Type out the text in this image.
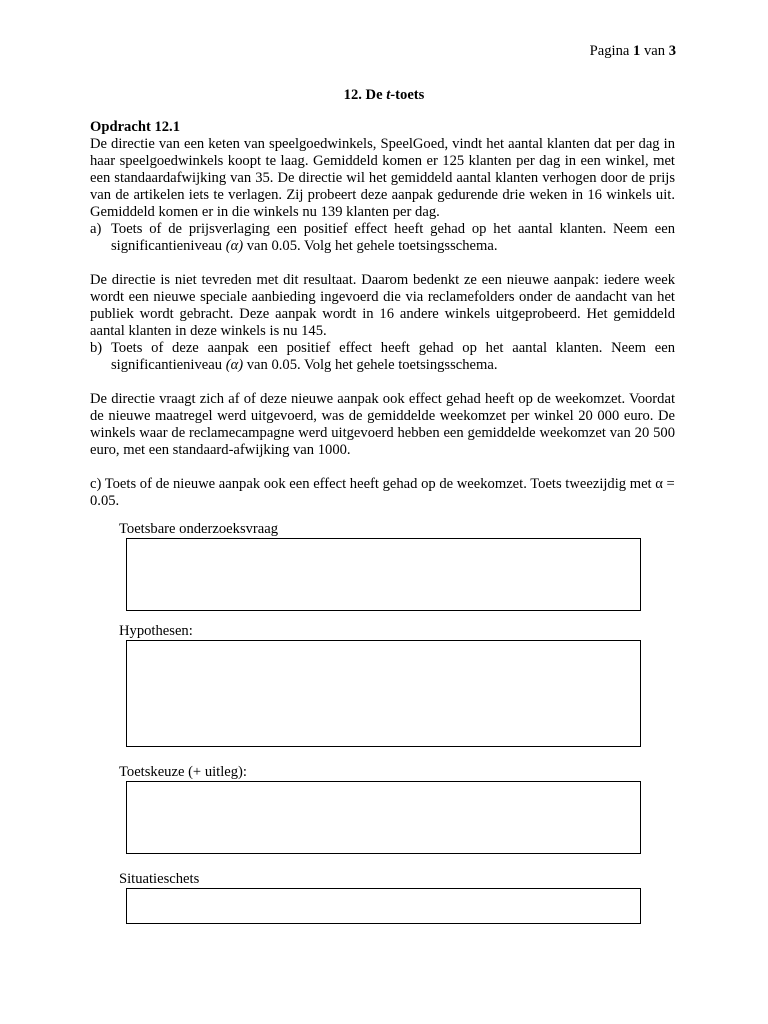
Pagina 1 van 3
12. De t-toets
Opdracht 12.1

De directie van een keten van speelgoedwinkels, SpeelGoed, vindt het aantal klanten dat per dag in haar speelgoedwinkels koopt te laag. Gemiddeld komen er 125 klanten per dag in een winkel, met een standaardafwijking van 35. De directie wil het gemiddeld aantal klanten verhogen door de prijs van de artikelen iets te verlagen. Zij probeert deze aanpak gedurende drie weken in 16 winkels uit. Gemiddeld komen er in die winkels nu 139 klanten per dag.

a) Toets of de prijsverlaging een positief effect heeft gehad op het aantal klanten. Neem een significantieniveau (α) van 0.05. Volg het gehele toetsingsschema.

De directie is niet tevreden met dit resultaat. Daarom bedenkt ze een nieuwe aanpak: iedere week wordt een nieuwe speciale aanbieding ingevoerd die via reclamefolders onder de aandacht van het publiek wordt gebracht. Deze aanpak wordt in 16 andere winkels uitgeprobeerd. Het gemiddeld aantal klanten in deze winkels is nu 145.

b) Toets of deze aanpak een positief effect heeft gehad op het aantal klanten. Neem een significantieniveau (α) van 0.05. Volg het gehele toetsingsschema.

De directie vraagt zich af of deze nieuwe aanpak ook effect gehad heeft op de weekomzet. Voordat de nieuwe maatregel werd uitgevoerd, was de gemiddelde weekomzet per winkel 20 000 euro. De winkels waar de reclamecampagne werd uitgevoerd hebben een gemiddelde weekomzet van 20 500 euro, met een standaard-afwijking van 1000.

c) Toets of de nieuwe aanpak ook een effect heeft gehad op de weekomzet. Toets tweezijdig met α = 0.05.

Toetsbare onderzoeksvraag
Hypothesen:
Toetskeuze (+ uitleg):
Situatieschets
